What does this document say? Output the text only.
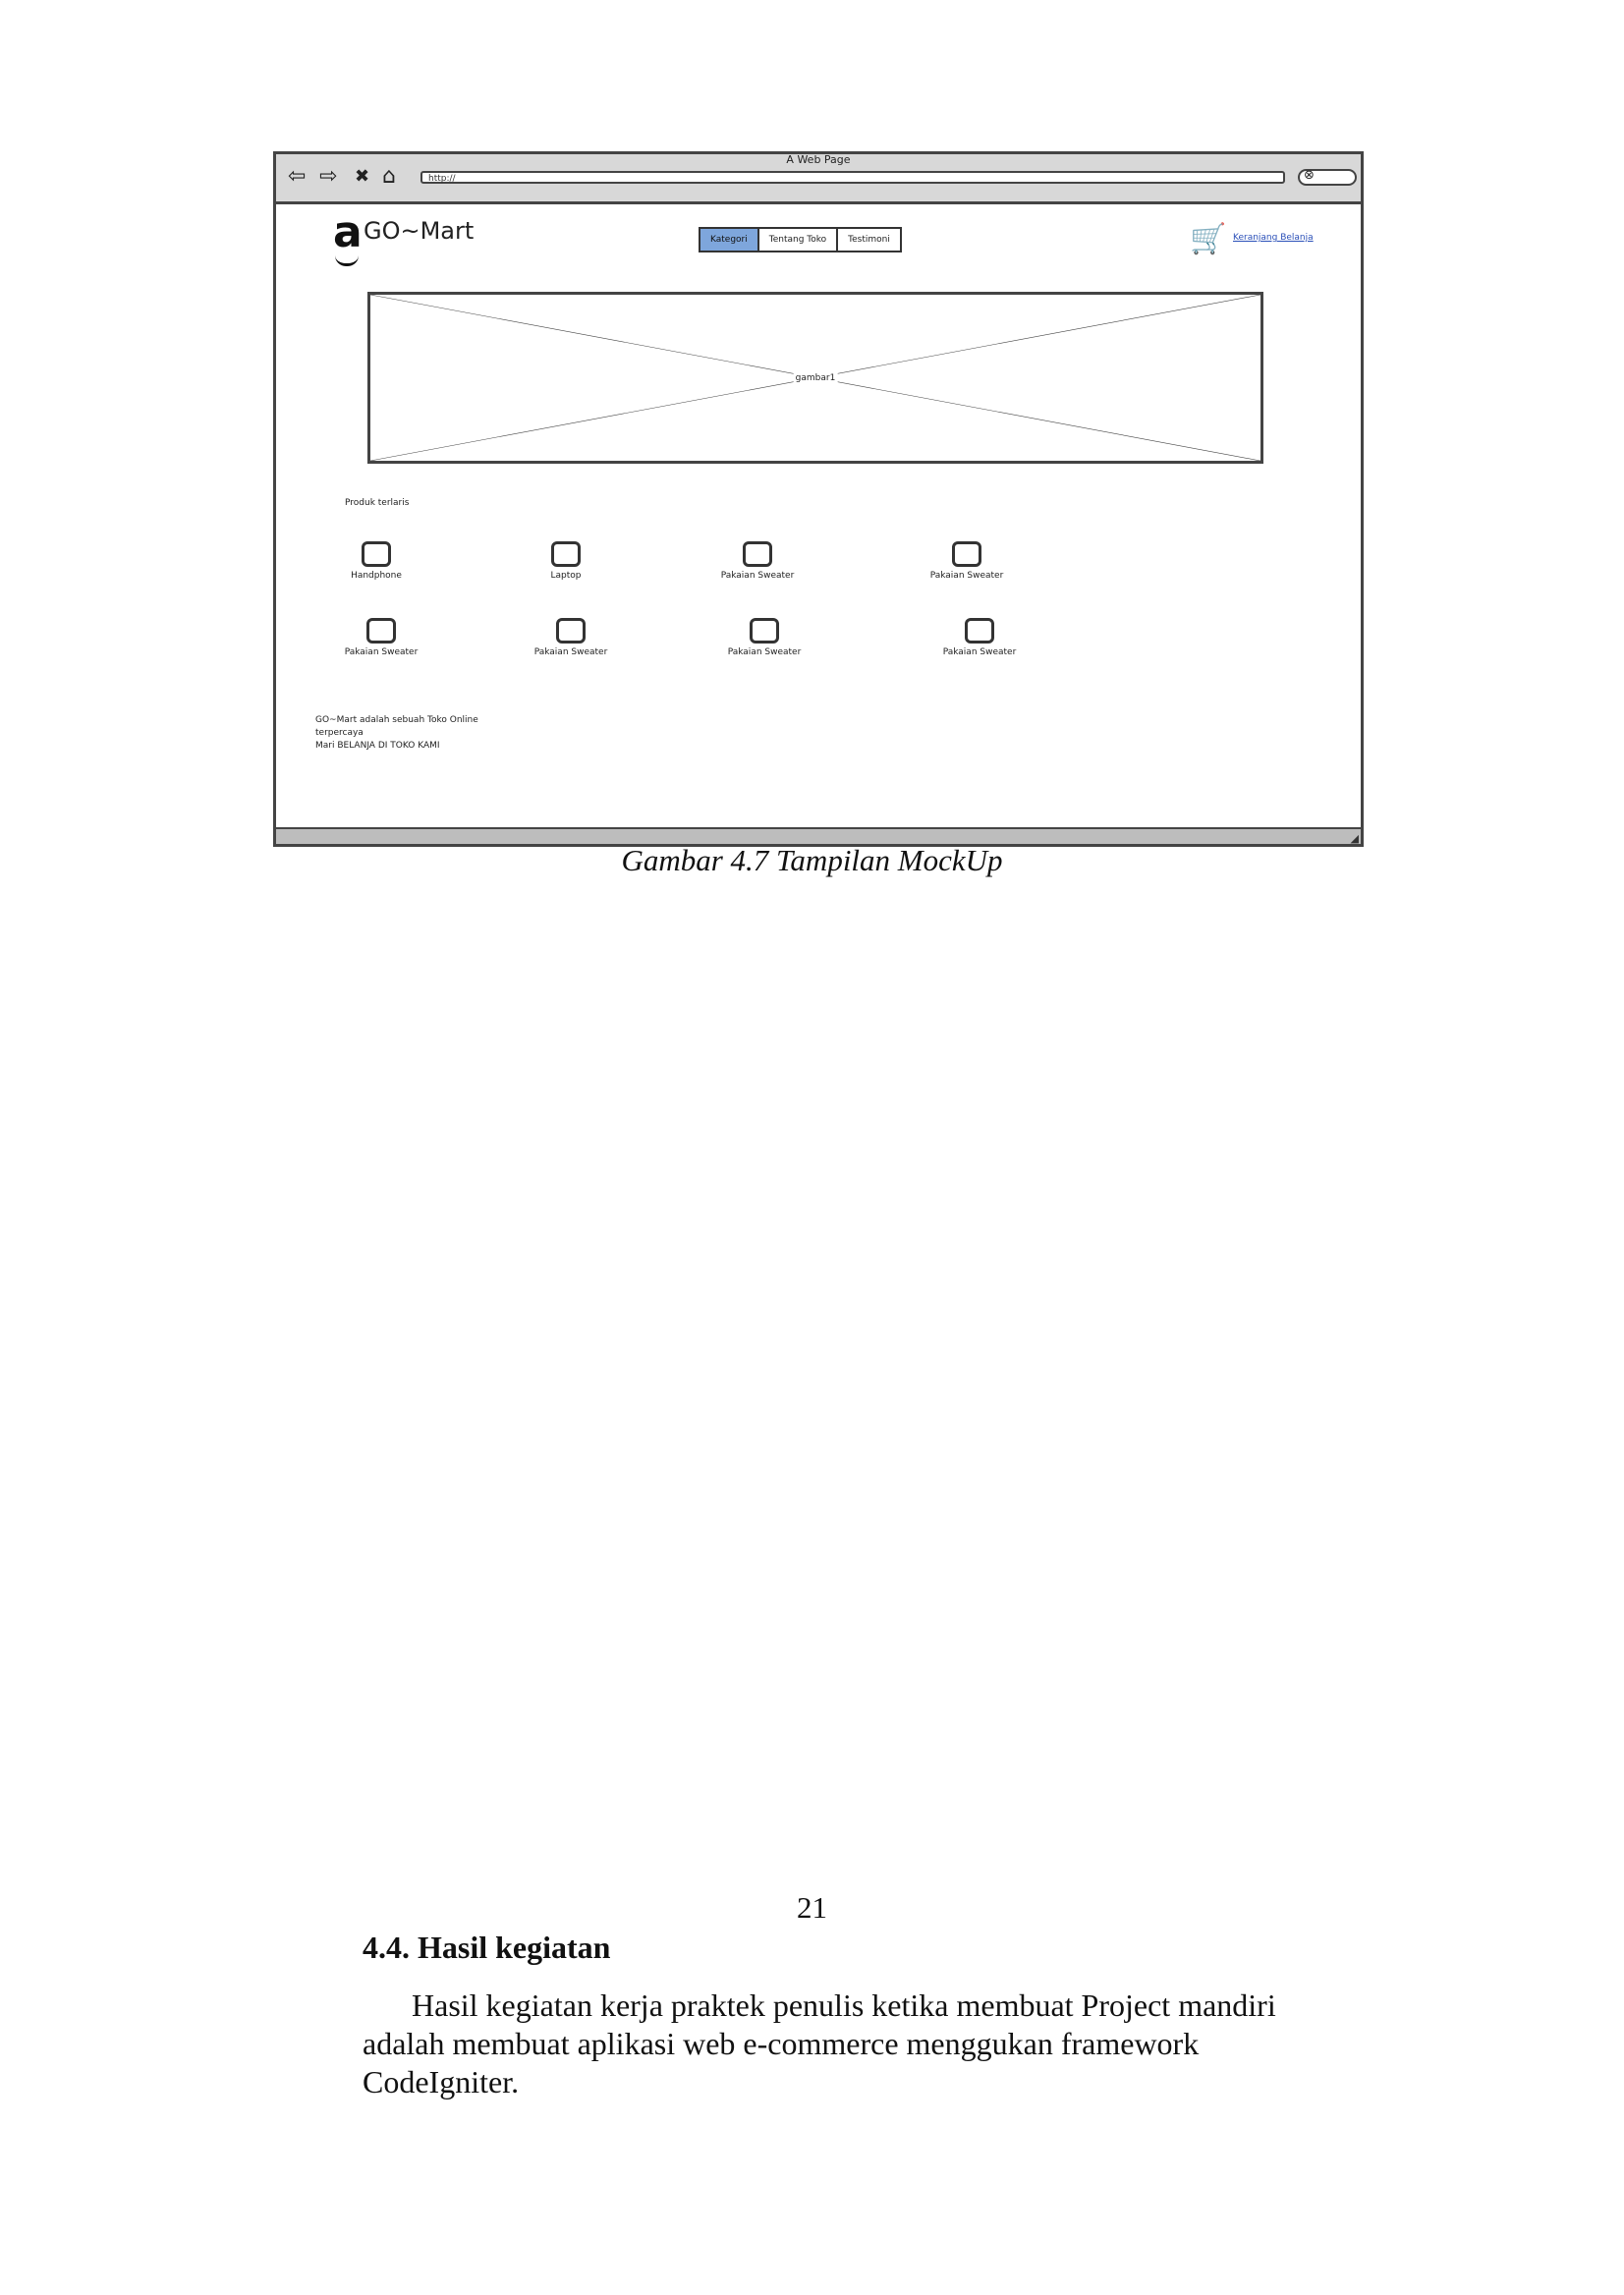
A Web Page
⇦ ⇨ ✖ ⌂	http://	⊗
a GO~Mart	Kategori	Tentang Toko	Testimoni	🛒 Keranjang Belanja
gambar1
Produk terlaris
Handphone	Laptop	Pakaian Sweater	Pakaian Sweater
Pakaian Sweater	Pakaian Sweater	Pakaian Sweater	Pakaian Sweater
GO~Mart adalah sebuah Toko Online
terpercaya
Mari BELANJA DI TOKO KAMI
◢
Gambar 4.7 Tampilan MockUp
21
4.4. Hasil kegiatan
Hasil kegiatan kerja praktek penulis ketika membuat Project mandiri
adalah membuat aplikasi web e-commerce menggukan framework
CodeIgniter.
